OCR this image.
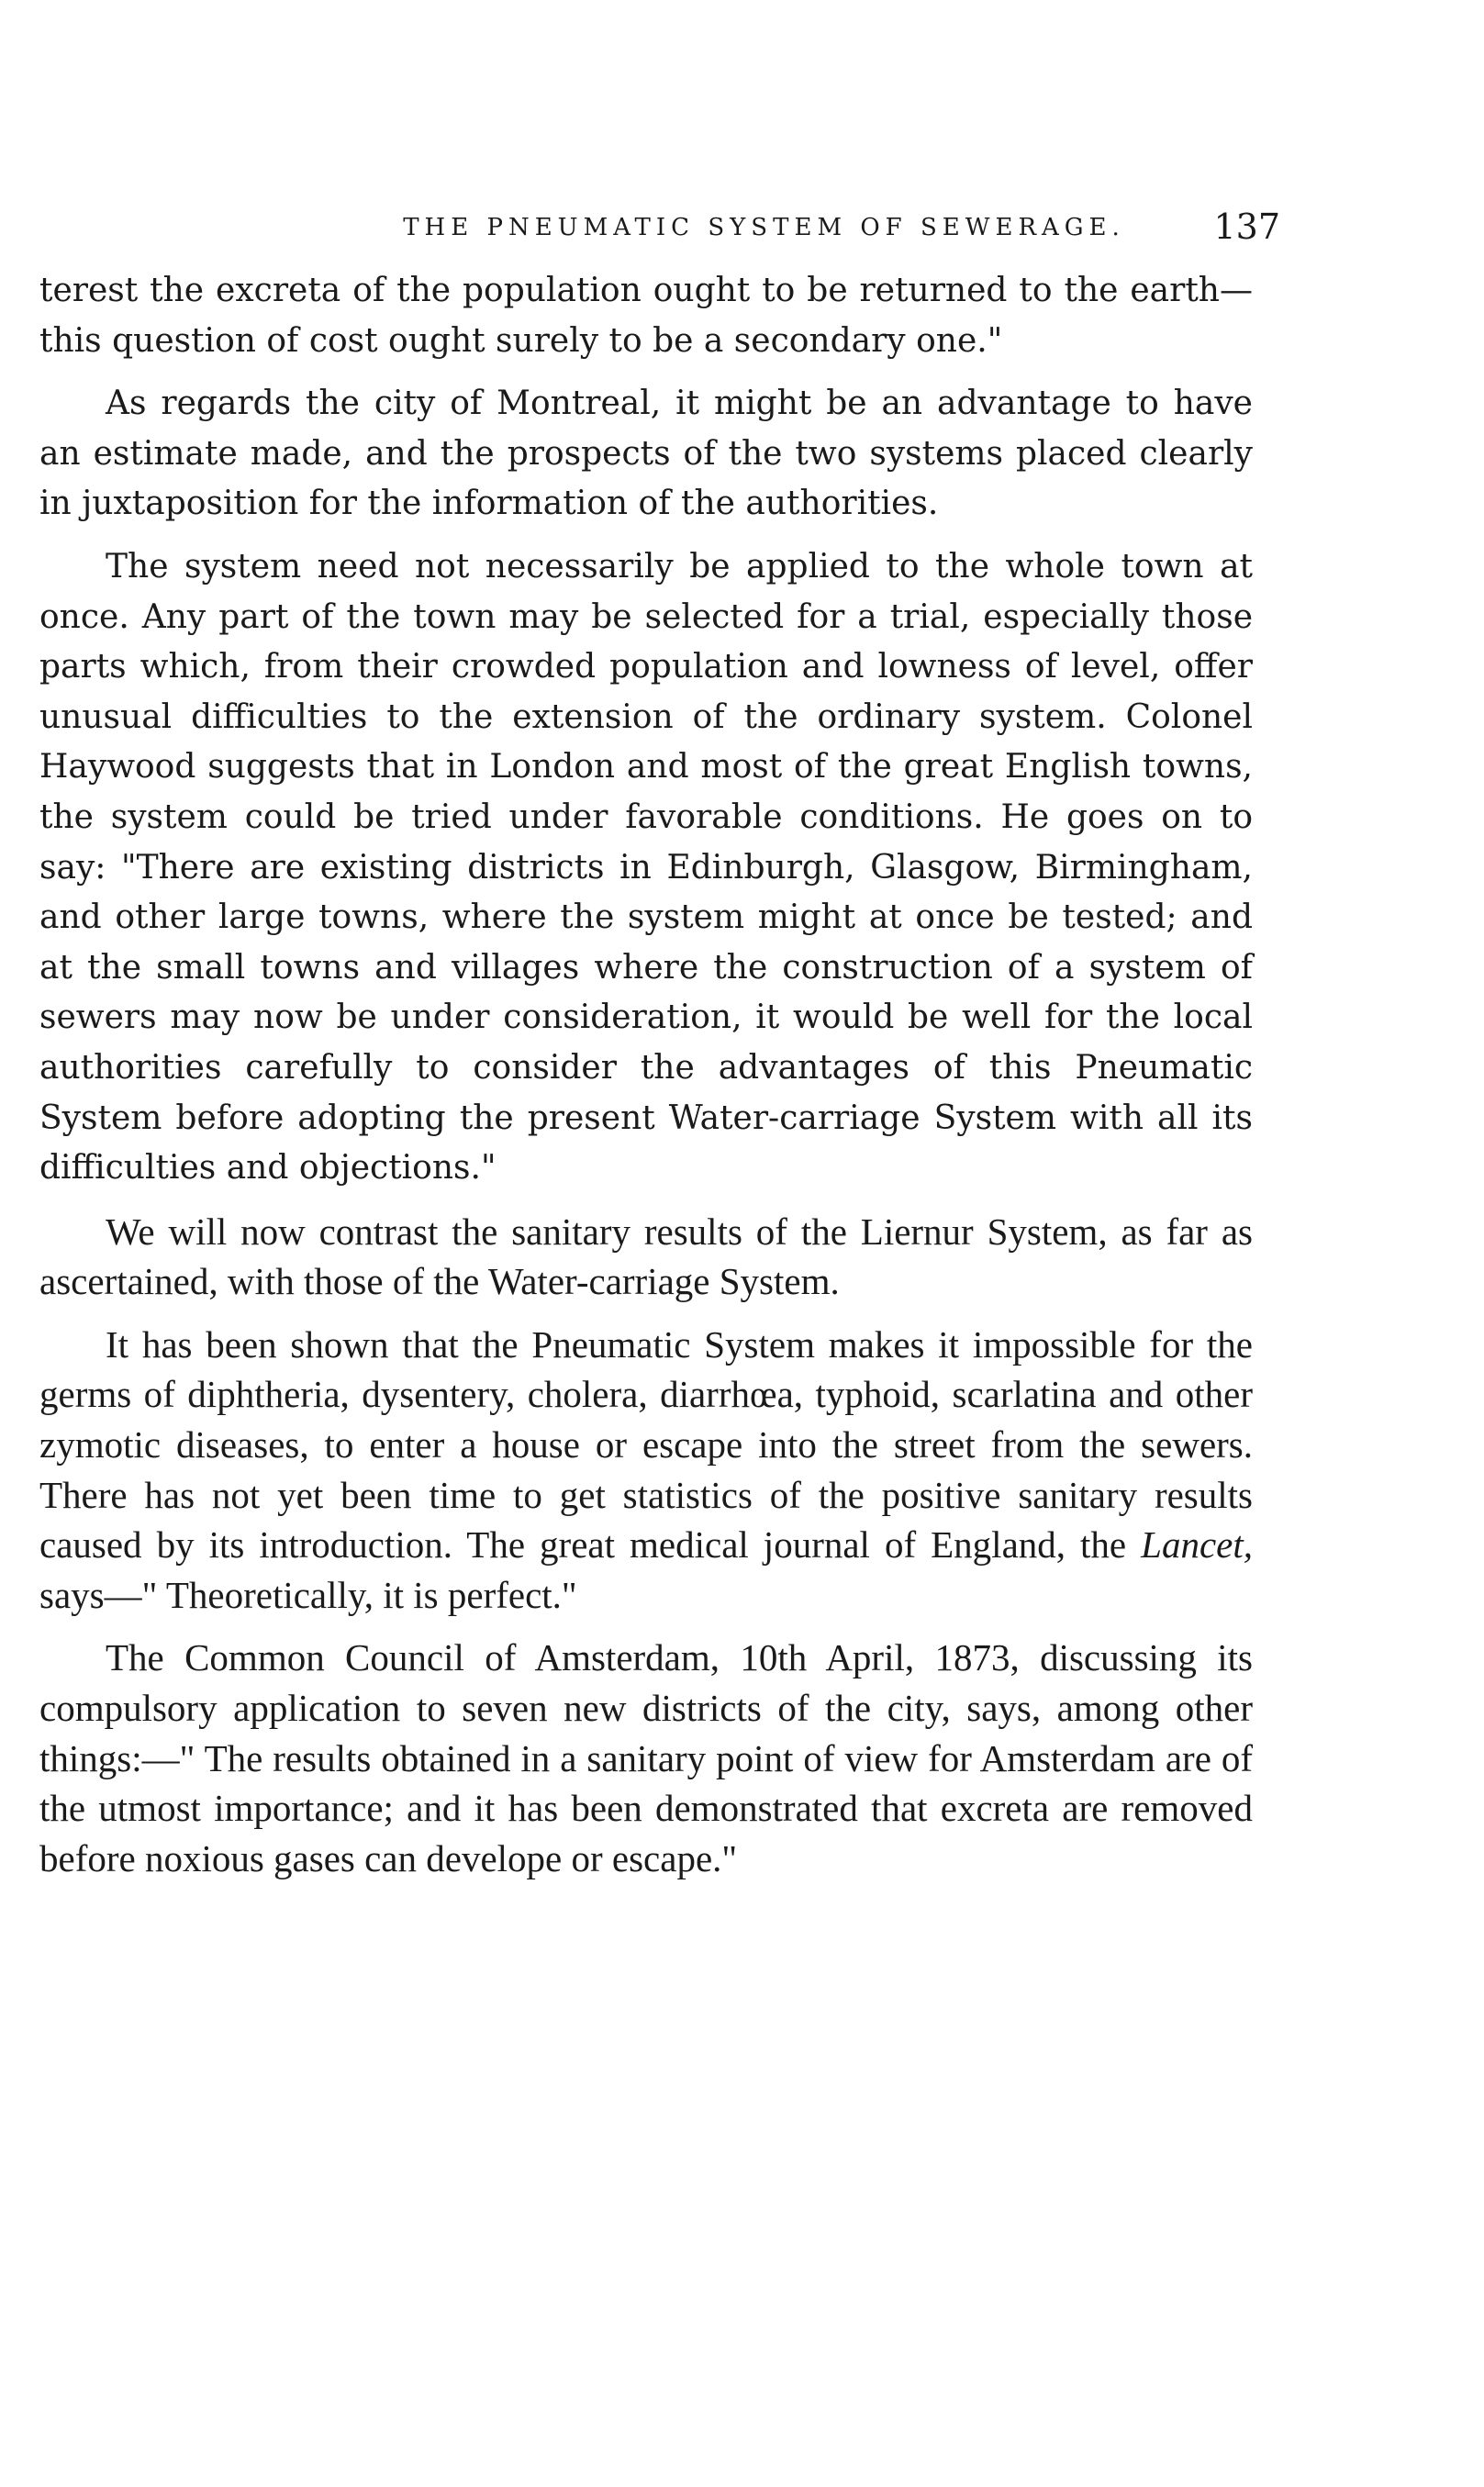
THE PNEUMATIC SYSTEM OF SEWERAGE.	137

terest the excreta of the population ought to be returned to the earth—this question of cost ought surely to be a secondary one."

As regards the city of Montreal, it might be an advantage to have an estimate made, and the prospects of the two systems placed clearly in juxtaposition for the information of the authorities.

The system need not necessarily be applied to the whole town at once. Any part of the town may be selected for a trial, especially those parts which, from their crowded population and lowness of level, offer unusual difficulties to the extension of the ordinary system. Colonel Haywood suggests that in London and most of the great English towns, the system could be tried under favorable conditions. He goes on to say: "There are existing districts in Edinburgh, Glasgow, Birmingham, and other large towns, where the system might at once be tested; and at the small towns and villages where the construction of a system of sewers may now be under consideration, it would be well for the local authorities carefully to consider the advantages of this Pneumatic System before adopting the present Water-carriage System with all its difficulties and objections."

We will now contrast the sanitary results of the Liernur System, as far as ascertained, with those of the Water-carriage System.

It has been shown that the Pneumatic System makes it impossible for the germs of diphtheria, dysentery, cholera, diarrhœa, typhoid, scarlatina and other zymotic diseases, to enter a house or escape into the street from the sewers. There has not yet been time to get statistics of the positive sanitary results caused by its introduction. The great medical journal of England, the Lancet, says—" Theoretically, it is perfect."

The Common Council of Amsterdam, 10th April, 1873, discussing its compulsory application to seven new districts of the city, says, among other things:—" The results obtained in a sanitary point of view for Amsterdam are of the utmost importance; and it has been demonstrated that excreta are removed before noxious gases can develope or escape."
